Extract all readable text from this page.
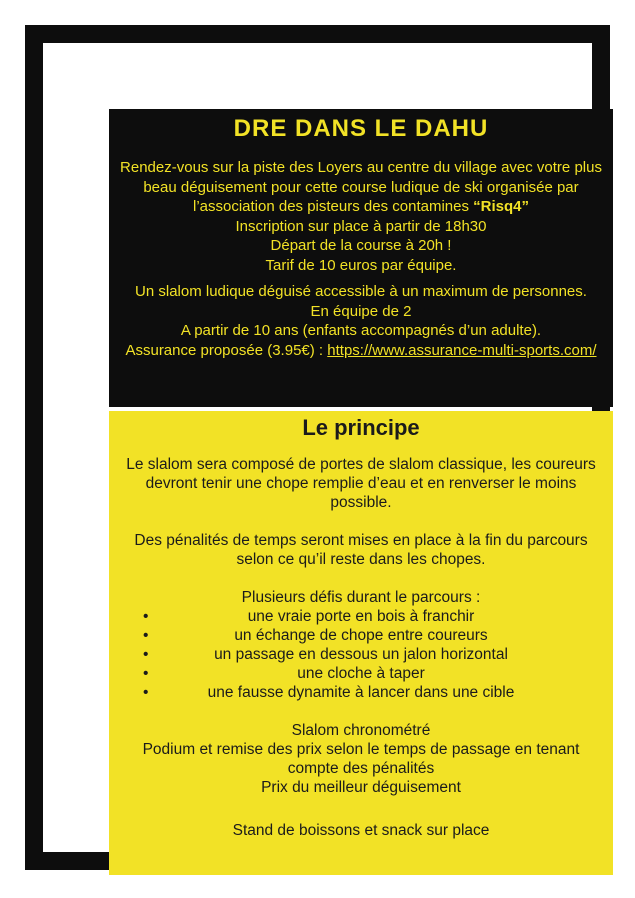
DRE DANS LE DAHU
Rendez-vous sur la piste des Loyers au centre du village avec votre plus beau déguisement pour cette course ludique de ski organisée par l’association des pisteurs des contamines “Risq4”
Inscription sur place à partir de 18h30
Départ de la course à 20h !
Tarif de 10 euros par équipe.
Un slalom ludique déguisé accessible à un maximum de personnes.
En équipe de 2
A partir de 10 ans (enfants accompagnés d’un adulte).
Assurance proposée (3.95€) : https://www.assurance-multi-sports.com/
Le principe

Le slalom sera composé de portes de slalom classique, les coureurs devront tenir une chope remplie d’eau et en renverser le moins possible.

Des pénalités de temps seront mises en place à la fin du parcours selon ce qu’il reste dans les chopes.

Plusieurs défis durant le parcours :

•
une vraie porte en bois à franchir
•
un échange de chope entre coureurs
•
un passage en dessous un jalon horizontal
•
une cloche à taper
•
une fausse dynamite à lancer dans une cible

Slalom chronométré

Podium et remise des prix selon le temps de passage en tenant compte des pénalités

Prix du meilleur déguisement

Stand de boissons et snack sur place
